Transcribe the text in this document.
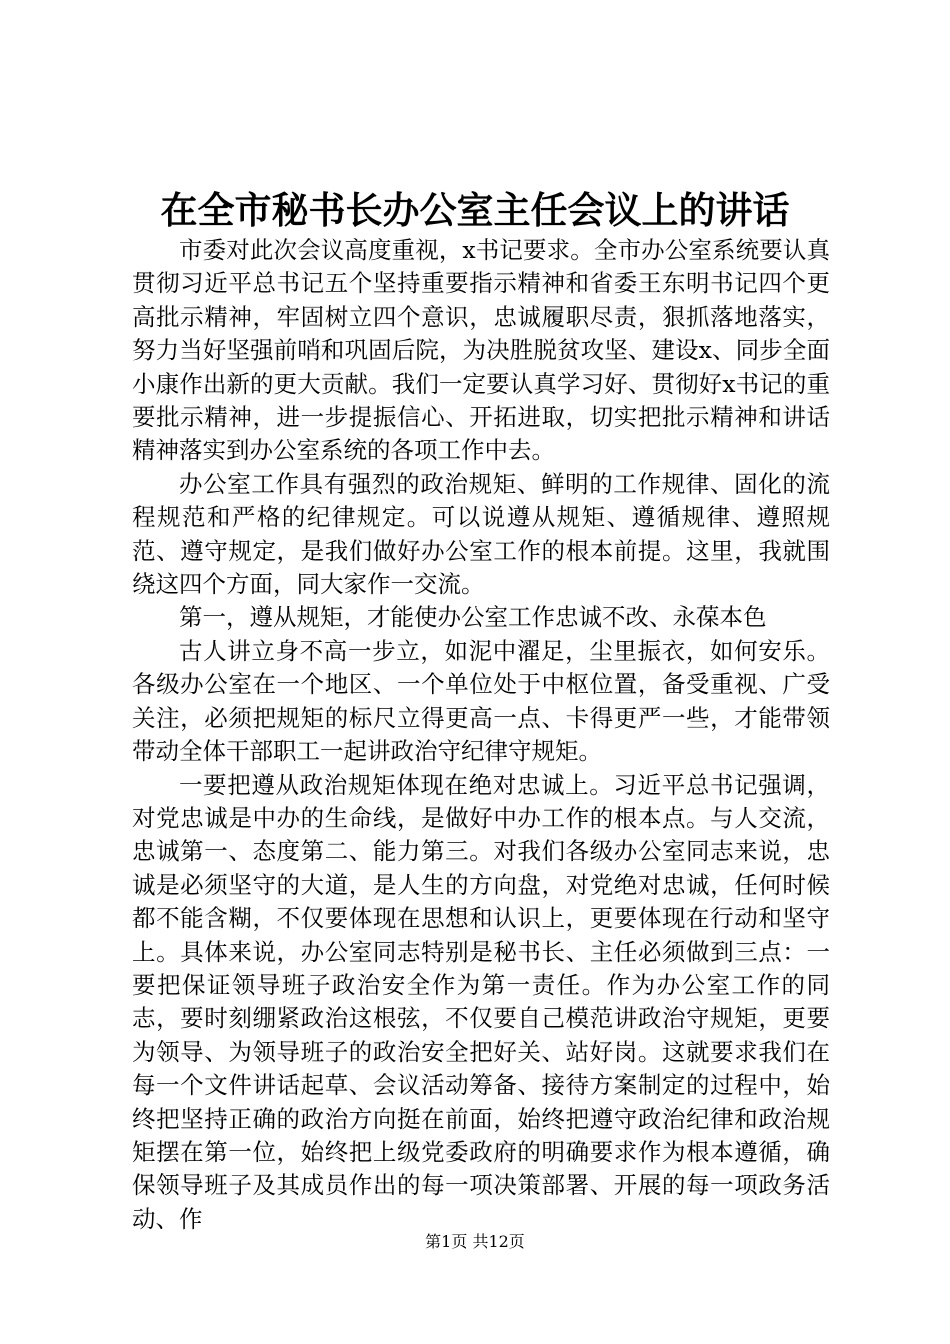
在全市秘书长办公室主任会议上的讲话

市委对此次会议高度重视，x书记要求。全市办公室系统要认真贯彻习近平总书记五个坚持重要指示精神和省委王东明书记四个更高批示精神，牢固树立四个意识，忠诚履职尽责，狠抓落地落实，努力当好坚强前哨和巩固后院，为决胜脱贫攻坚、建设x、同步全面小康作出新的更大贡献。我们一定要认真学习好、贯彻好x书记的重要批示精神，进一步提振信心、开拓进取，切实把批示精神和讲话精神落实到办公室系统的各项工作中去。

办公室工作具有强烈的政治规矩、鲜明的工作规律、固化的流程规范和严格的纪律规定。可以说遵从规矩、遵循规律、遵照规范、遵守规定，是我们做好办公室工作的根本前提。这里，我就围绕这四个方面，同大家作一交流。

第一，遵从规矩，才能使办公室工作忠诚不改、永葆本色

古人讲立身不高一步立，如泥中濯足，尘里振衣，如何安乐。各级办公室在一个地区、一个单位处于中枢位置，备受重视、广受关注，必须把规矩的标尺立得更高一点、卡得更严一些，才能带领带动全体干部职工一起讲政治守纪律守规矩。

一要把遵从政治规矩体现在绝对忠诚上。习近平总书记强调，对党忠诚是中办的生命线，是做好中办工作的根本点。与人交流，忠诚第一、态度第二、能力第三。对我们各级办公室同志来说，忠诚是必须坚守的大道，是人生的方向盘，对党绝对忠诚，任何时候都不能含糊，不仅要体现在思想和认识上，更要体现在行动和坚守上。具体来说，办公室同志特别是秘书长、主任必须做到三点：一要把保证领导班子政治安全作为第一责任。作为办公室工作的同志，要时刻绷紧政治这根弦，不仅要自己模范讲政治守规矩，更要为领导、为领导班子的政治安全把好关、站好岗。这就要求我们在每一个文件讲话起草、会议活动筹备、接待方案制定的过程中，始终把坚持正确的政治方向挺在前面，始终把遵守政治纪律和政治规矩摆在第一位，始终把上级党委政府的明确要求作为根本遵循，确保领导班子及其成员作出的每一项决策部署、开展的每一项政务活动、作

第1页 共12页
